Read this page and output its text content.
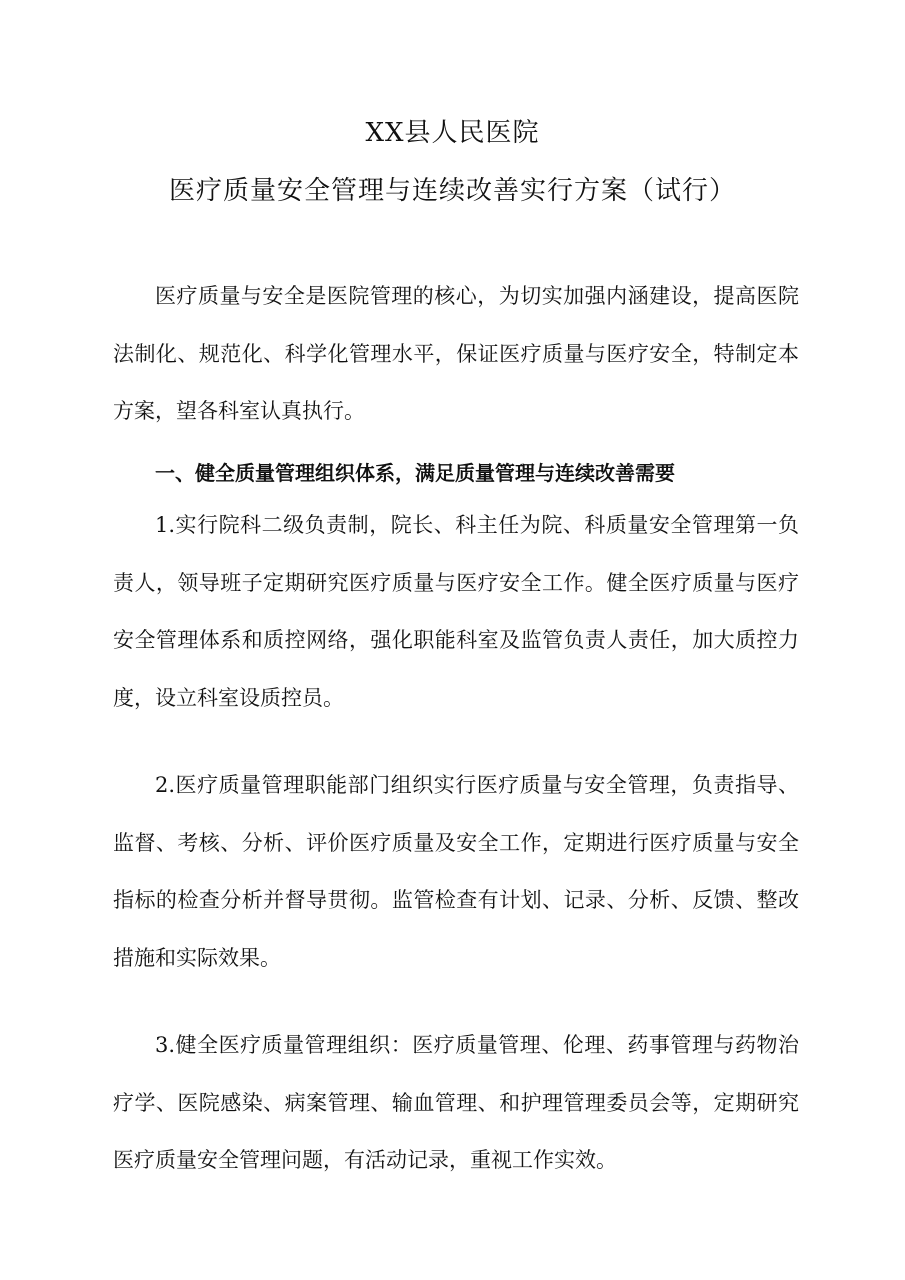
XX县人民医院
医疗质量安全管理与连续改善实行方案（试行）

医疗质量与安全是医院管理的核心，为切实加强内涵建设，提高医院法制化、规范化、科学化管理水平，保证医疗质量与医疗安全，特制定本方案，望各科室认真执行。

一、健全质量管理组织体系，满足质量管理与连续改善需要

1.实行院科二级负责制，院长、科主任为院、科质量安全管理第一负责人，领导班子定期研究医疗质量与医疗安全工作。健全医疗质量与医疗安全管理体系和质控网络，强化职能科室及监管负责人责任，加大质控力度，设立科室设质控员。

2.医疗质量管理职能部门组织实行医疗质量与安全管理，负责指导、监督、考核、分析、评价医疗质量及安全工作，定期进行医疗质量与安全指标的检查分析并督导贯彻。监管检查有计划、记录、分析、反馈、整改措施和实际效果。

3.健全医疗质量管理组织：医疗质量管理、伦理、药事管理与药物治疗学、医院感染、病案管理、输血管理、和护理管理委员会等，定期研究医疗质量安全管理问题，有活动记录，重视工作实效。
